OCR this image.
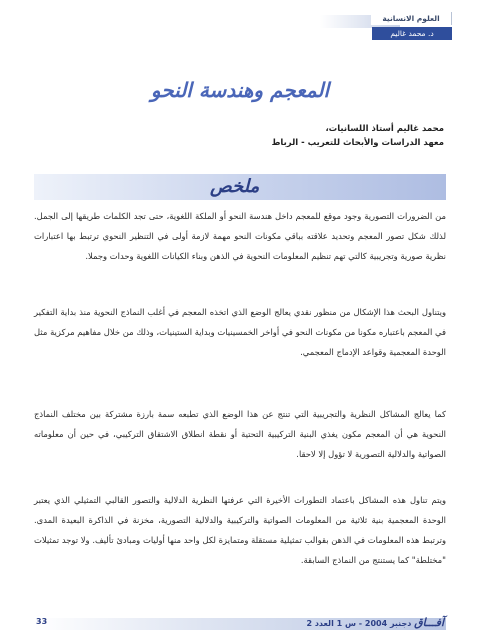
العلوم الانسانية
د. محمد غاليم
المعجم وهندسة النحو
محمد غاليم أستاذ اللسانيات،
معهد الدراسات والأبحاث للتعريب - الرباط
ملخص
من الضرورات التصورية وجود موقع للمعجم داخل هندسة النحو أو الملكة اللغوية، حتى تجد الكلمات طريقها إلى الجمل. لذلك شكل تصور المعجم وتحديد علاقته بباقي مكونات النحو مهمة لازمة أولى في التنظير النحوي ترتبط بها اعتبارات نظرية صورية وتجريبية كالتي تهم تنظيم المعلومات النحوية في الذهن وبناء الكيانات اللغوية وحدات وجملا.
ويتناول البحث هذا الإشكال من منظور نقدي يعالج الوضع الذي اتخذه المعجم في أغلب النماذج النحوية منذ بداية التفكير في المعجم باعتباره مكونا من مكونات النحو في أواخر الخمسينيات وبداية الستينيات، وذلك من خلال مفاهيم مركزية مثل الوحدة المعجمية وقواعد الإدماج المعجمي.
كما يعالج المشاكل النظرية والتجريبية التي تنتج عن هذا الوضع الذي تطبعه سمة بارزة مشتركة بين مختلف النماذج النحوية هي أن المعجم مكون يغذي البنية التركيبية التحتية أو نقطة انطلاق الاشتقاق التركيبي، في حين أن معلوماته الصواتية والدلالية التصورية لا تؤول إلا لاحقا.
ويتم تناول هذه المشاكل باعتماد التطورات الأخيرة التي عرفتها النظرية الدلالية والتصور القالبي التمثيلي الذي يعتبر الوحدة المعجمية بنية ثلاثية من المعلومات الصواتية والتركيبية والدلالية التصورية، مخزنة في الذاكرة البعيدة المدى. وترتبط هذه المعلومات في الذهن بقوالب تمثيلية مستقلة ومتمايزة لكل واحد منها أوليات ومبادئ تأليف. ولا توجد تمثيلات "مختلطة" كما يستنتج من النماذج السابقة.
33	آفـــاق دجنبر 2004 - س 1 العدد 2
